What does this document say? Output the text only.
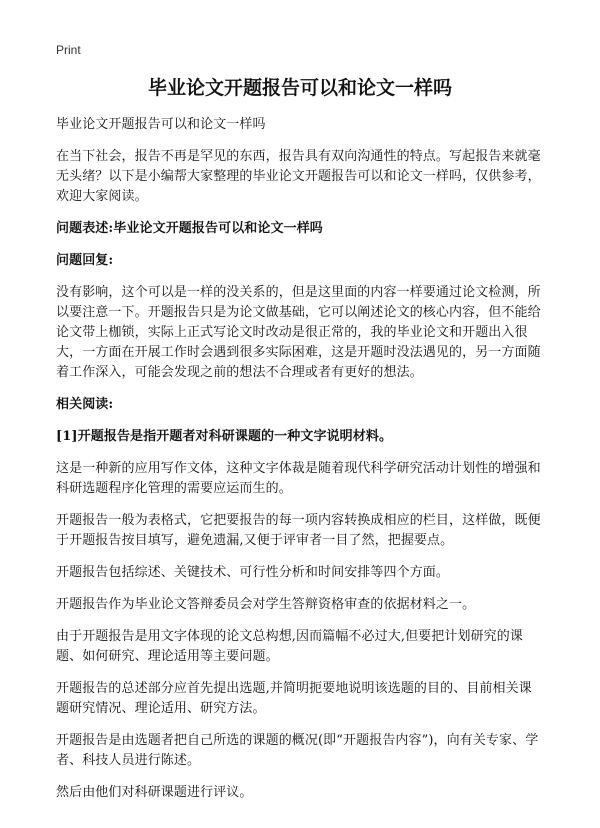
Print
毕业论文开题报告可以和论文一样吗
毕业论文开题报告可以和论文一样吗
在当下社会，报告不再是罕见的东西，报告具有双向沟通性的特点。写起报告来就毫无头绪？以下是小编帮大家整理的毕业论文开题报告可以和论文一样吗，仅供参考，欢迎大家阅读。
问题表述:毕业论文开题报告可以和论文一样吗
问题回复:
没有影响，这个可以是一样的没关系的，但是这里面的内容一样要通过论文检测，所以要注意一下。开题报告只是为论文做基础，它可以阐述论文的核心内容，但不能给论文带上枷锁，实际上正式写论文时改动是很正常的，我的毕业论文和开题出入很大，一方面在开展工作时会遇到很多实际困难，这是开题时没法遇见的，另一方面随着工作深入，可能会发现之前的想法不合理或者有更好的想法。
相关阅读:
[1]开题报告是指开题者对科研课题的一种文字说明材料。
这是一种新的应用写作文体，这种文字体裁是随着现代科学研究活动计划性的增强和科研选题程序化管理的需要应运而生的。
开题报告一般为表格式，它把要报告的每一项内容转换成相应的栏目，这样做，既便于开题报告按目填写，避免遗漏,又便于评审者一目了然，把握要点。
开题报告包括综述、关键技术、可行性分析和时间安排等四个方面。
开题报告作为毕业论文答辩委员会对学生答辩资格审查的依据材料之一。
由于开题报告是用文字体现的论文总构想,因而篇幅不必过大,但要把计划研究的课题、如何研究、理论适用等主要问题。
开题报告的总述部分应首先提出选题,并简明扼要地说明该选题的目的、目前相关课题研究情况、理论适用、研究方法。
开题报告是由选题者把自己所选的课题的概况(即“开题报告内容”)，向有关专家、学者、科技人员进行陈述。
然后由他们对科研课题进行评议。
